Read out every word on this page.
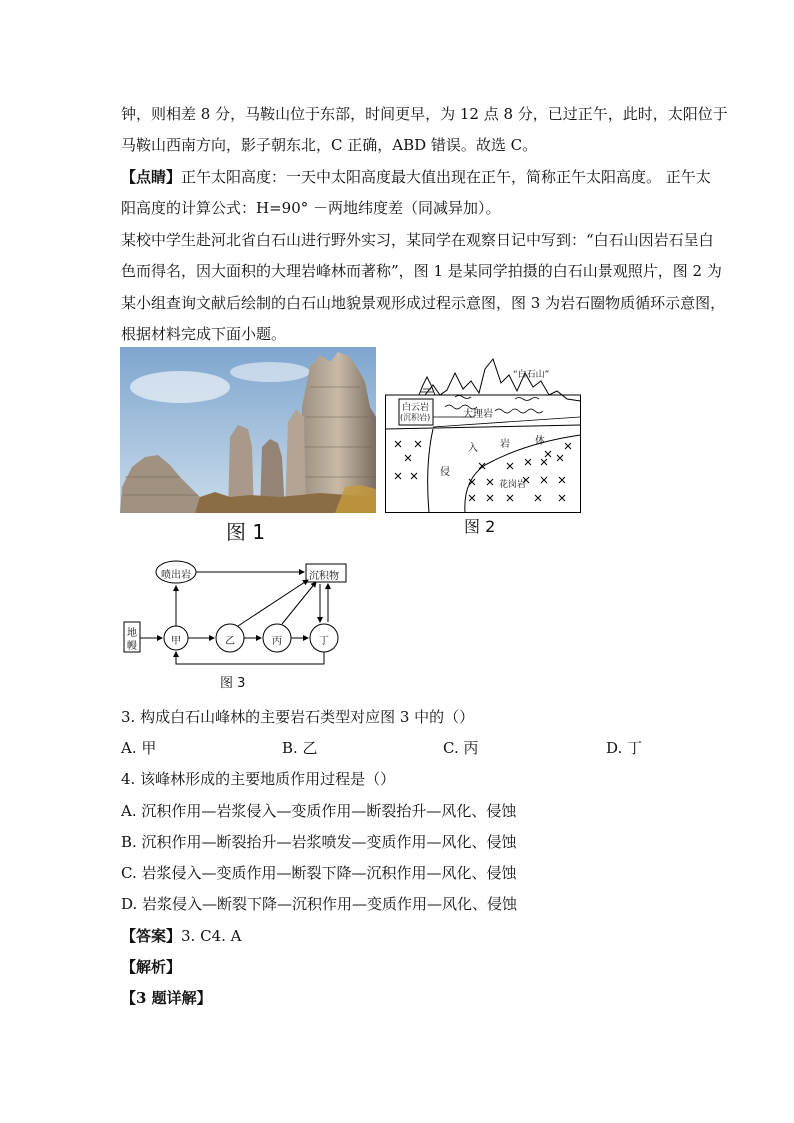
钟，则相差 8 分，马鞍山位于东部，时间更早，为 12 点 8 分，已过正午，此时，太阳位于
马鞍山西南方向，影子朝东北，C 正确，ABD 错误。故选 C。
【点睛】正午太阳高度：一天中太阳高度最大值出现在正午，简称正午太阳高度。 正午太
阳高度的计算公式：H=90° －两地纬度差（同减异加）。
某校中学生赴河北省白石山进行野外实习，某同学在观察日记中写到：“白石山因岩石呈白
色而得名，因大面积的大理岩峰林而著称”，图 1 是某同学拍摄的白石山景观照片，图 2 为
某小组查询文献后绘制的白石山地貌景观形成过程示意图，图 3 为岩石圈物质循环示意图，
根据材料完成下面小题。
图 1
“白石山”
白云岩
(沉积岩)	大理岩
入 岩	体
侵
花岗岩
图 2
地
幔
喷出岩	沉积物
甲	乙	丙	丁
图 3
3. 构成白石山峰林的主要岩石类型对应图 3 中的（）
A. 甲	B. 乙	C. 丙	D. 丁
4. 该峰林形成的主要地质作用过程是（）
A. 沉积作用—岩浆侵入—变质作用—断裂抬升—风化、侵蚀
B. 沉积作用—断裂抬升—岩浆喷发—变质作用—风化、侵蚀
C. 岩浆侵入—变质作用—断裂下降—沉积作用—风化、侵蚀
D. 岩浆侵入—断裂下降—沉积作用—变质作用—风化、侵蚀
【答案】3. C4. A
【解析】
【3 题详解】
